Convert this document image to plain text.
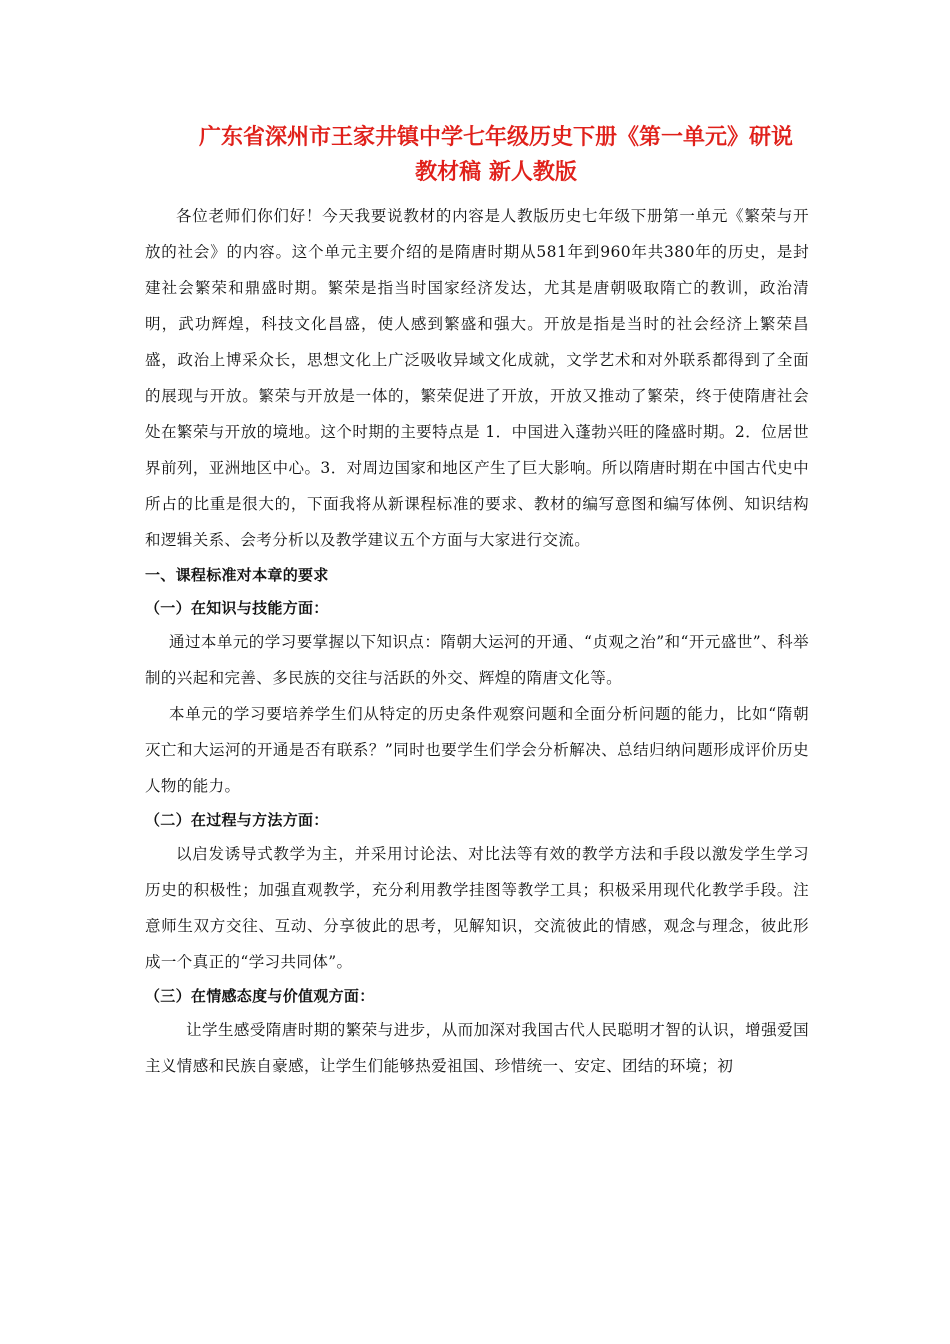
广东省深州市王家井镇中学七年级历史下册《第一单元》研说
教材稿 新人教版

各位老师们你们好！今天我要说教材的内容是人教版历史七年级下册第一单元《繁荣与开放的社会》的内容。这个单元主要介绍的是隋唐时期从581年到960年共380年的历史，是封建社会繁荣和鼎盛时期。繁荣是指当时国家经济发达，尤其是唐朝吸取隋亡的教训，政治清明，武功辉煌，科技文化昌盛，使人感到繁盛和强大。开放是指是当时的社会经济上繁荣昌盛，政治上博采众长，思想文化上广泛吸收异域文化成就，文学艺术和对外联系都得到了全面的展现与开放。繁荣与开放是一体的，繁荣促进了开放，开放又推动了繁荣，终于使隋唐社会处在繁荣与开放的境地。这个时期的主要特点是 1．中国进入蓬勃兴旺的隆盛时期。2．位居世界前列，亚洲地区中心。3．对周边国家和地区产生了巨大影响。所以隋唐时期在中国古代史中所占的比重是很大的，下面我将从新课程标准的要求、教材的编写意图和编写体例、知识结构和逻辑关系、会考分析以及教学建议五个方面与大家进行交流。

一、课程标准对本章的要求
（一）在知识与技能方面：

通过本单元的学习要掌握以下知识点：隋朝大运河的开通、“贞观之治”和“开元盛世”、科举制的兴起和完善、多民族的交往与活跃的外交、辉煌的隋唐文化等。

本单元的学习要培养学生们从特定的历史条件观察问题和全面分析问题的能力，比如“隋朝灭亡和大运河的开通是否有联系？”同时也要学生们学会分析解决、总结归纳问题形成评价历史人物的能力。

（二）在过程与方法方面：

以启发诱导式教学为主，并采用讨论法、对比法等有效的教学方法和手段以激发学生学习历史的积极性；加强直观教学，充分利用教学挂图等教学工具；积极采用现代化教学手段。注意师生双方交往、互动、分享彼此的思考，见解知识，交流彼此的情感，观念与理念，彼此形成一个真正的“学习共同体”。

（三）在情感态度与价值观方面：

让学生感受隋唐时期的繁荣与进步，从而加深对我国古代人民聪明才智的认识，增强爱国主义情感和民族自豪感，让学生们能够热爱祖国、珍惜统一、安定、团结的环境；初
